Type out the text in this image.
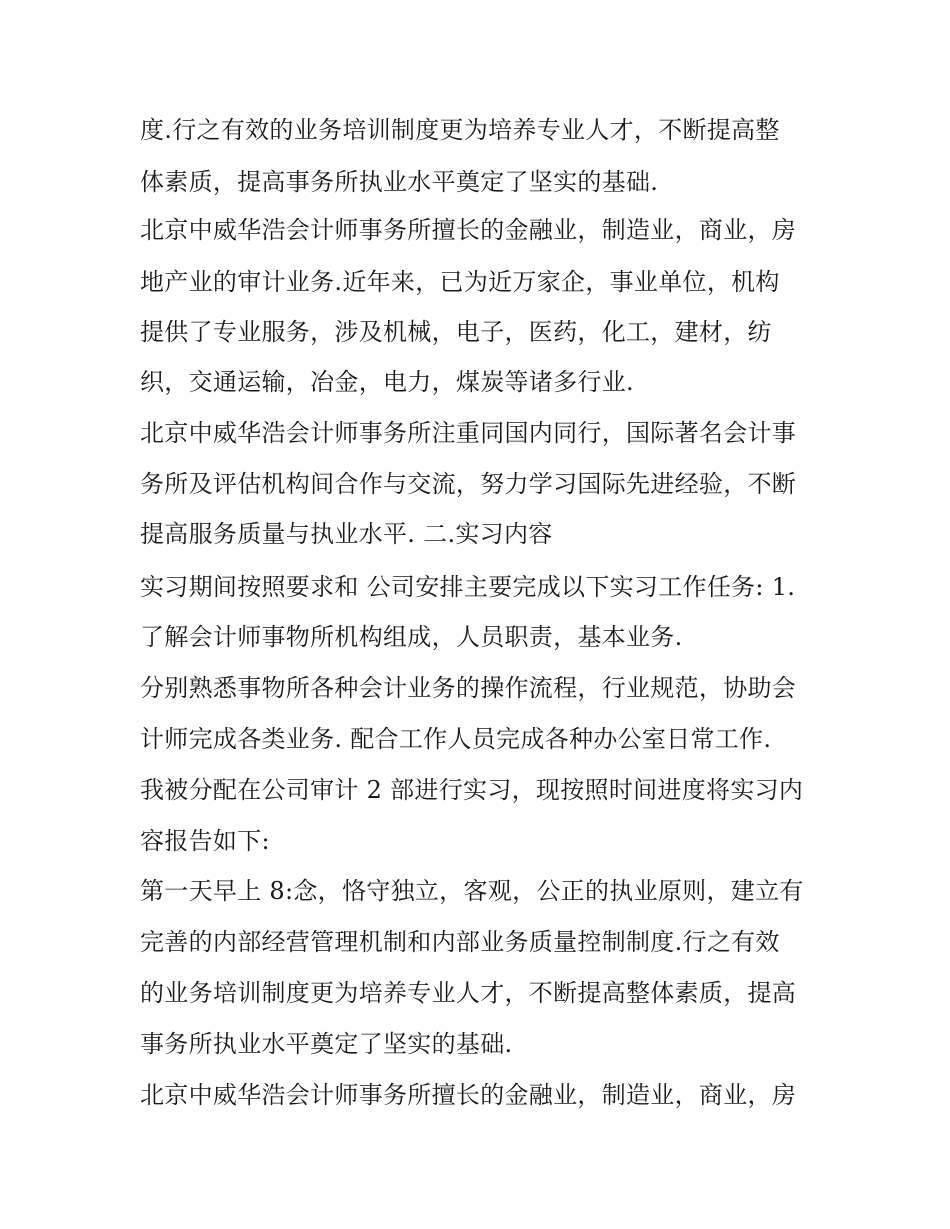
度.行之有效的业务培训制度更为培养专业人才，不断提高整
体素质，提高事务所执业水平奠定了坚实的基础.
北京中威华浩会计师事务所擅长的金融业，制造业，商业，房
地产业的审计业务.近年来，已为近万家企，事业单位，机构
提供了专业服务，涉及机械，电子，医药，化工，建材，纺
织，交通运输，冶金，电力，煤炭等诸多行业.
北京中威华浩会计师事务所注重同国内同行，国际著名会计事
务所及评估机构间合作与交流，努力学习国际先进经验，不断
提高服务质量与执业水平. 二.实习内容
实习期间按照要求和 公司安排主要完成以下实习工作任务: 1.
了解会计师事物所机构组成，人员职责，基本业务.
分别熟悉事物所各种会计业务的操作流程，行业规范，协助会
计师完成各类业务. 配合工作人员完成各种办公室日常工作.
我被分配在公司审计 2 部进行实习，现按照时间进度将实习内
容报告如下:
第一天早上 8:念，恪守独立，客观，公正的执业原则，建立有
完善的内部经营管理机制和内部业务质量控制制度.行之有效
的业务培训制度更为培养专业人才，不断提高整体素质，提高
事务所执业水平奠定了坚实的基础.
北京中威华浩会计师事务所擅长的金融业，制造业，商业，房
